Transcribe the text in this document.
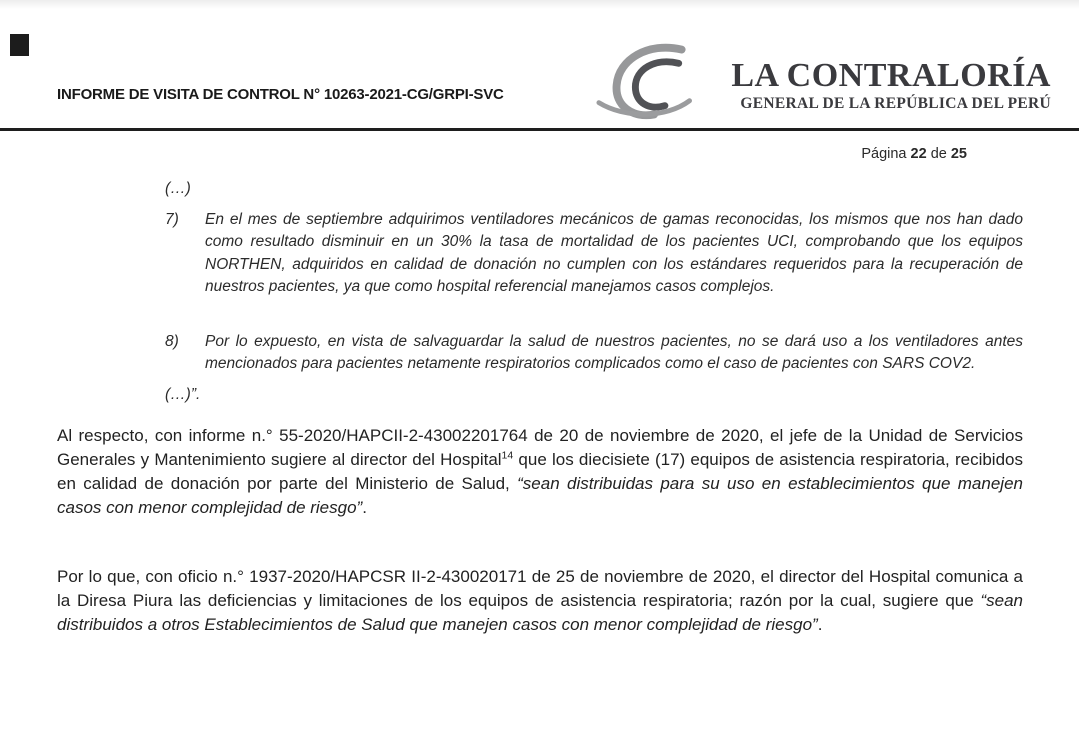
INFORME DE VISITA DE CONTROL N° 10263-2021-CG/GRPI-SVC
LA CONTRALORÍA
GENERAL DE LA REPÚBLICA DEL PERÚ
Página 22 de 25
(…)
7) En el mes de septiembre adquirimos ventiladores mecánicos de gamas reconocidas, los mismos que nos han dado como resultado disminuir en un 30% la tasa de mortalidad de los pacientes UCI, comprobando que los equipos NORTHEN, adquiridos en calidad de donación no cumplen con los estándares requeridos para la recuperación de nuestros pacientes, ya que como hospital referencial manejamos casos complejos.
8) Por lo expuesto, en vista de salvaguardar la salud de nuestros pacientes, no se dará uso a los ventiladores antes mencionados para pacientes netamente respiratorios complicados como el caso de pacientes con SARS COV2.
(…)”.

Al respecto, con informe n.° 55-2020/HAPCII-2-43002201764 de 20 de noviembre de 2020, el jefe de la Unidad de Servicios Generales y Mantenimiento sugiere al director del Hospital$^{14}$ que los diecisiete (17) equipos de asistencia respiratoria, recibidos en calidad de donación por parte del Ministerio de Salud, “sean distribuidas para su uso en establecimientos que manejen casos con menor complejidad de riesgo”.

Por lo que, con oficio n.° 1937-2020/HAPCSR II-2-430020171 de 25 de noviembre de 2020, el director del Hospital comunica a la Diresa Piura las deficiencias y limitaciones de los equipos de asistencia respiratoria; razón por la cual, sugiere que “sean distribuidos a otros Establecimientos de Salud que manejen casos con menor complejidad de riesgo”.
